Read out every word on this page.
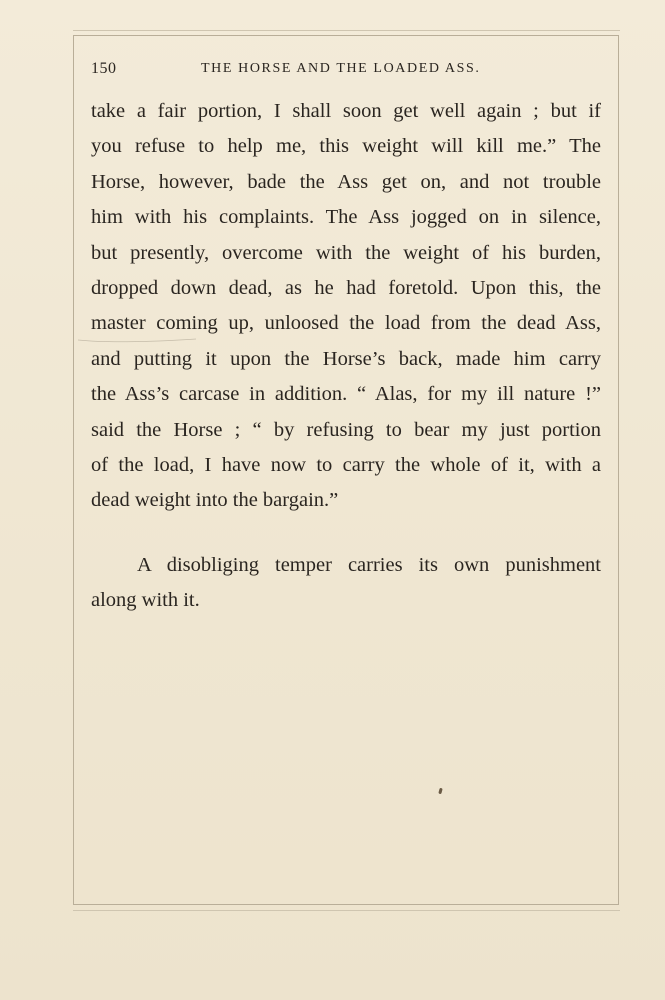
150	THE HORSE AND THE LOADED ASS.
take a fair portion, I shall soon get well again ; but if
you refuse to help me, this weight will kill me.” The
Horse, however, bade the Ass get on, and not trouble
him with his complaints. The Ass jogged on in silence,
but presently, overcome with the weight of his burden,
dropped down dead, as he had foretold. Upon this, the
master coming up, unloosed the load from the dead Ass,
and putting it upon the Horse’s back, made him carry
the Ass’s carcase in addition. “ Alas, for my ill nature !”
said the Horse ; “ by refusing to bear my just portion
of the load, I have now to carry the whole of it, with a
dead weight into the bargain.”
A disobliging temper carries its own punishment
along with it.
